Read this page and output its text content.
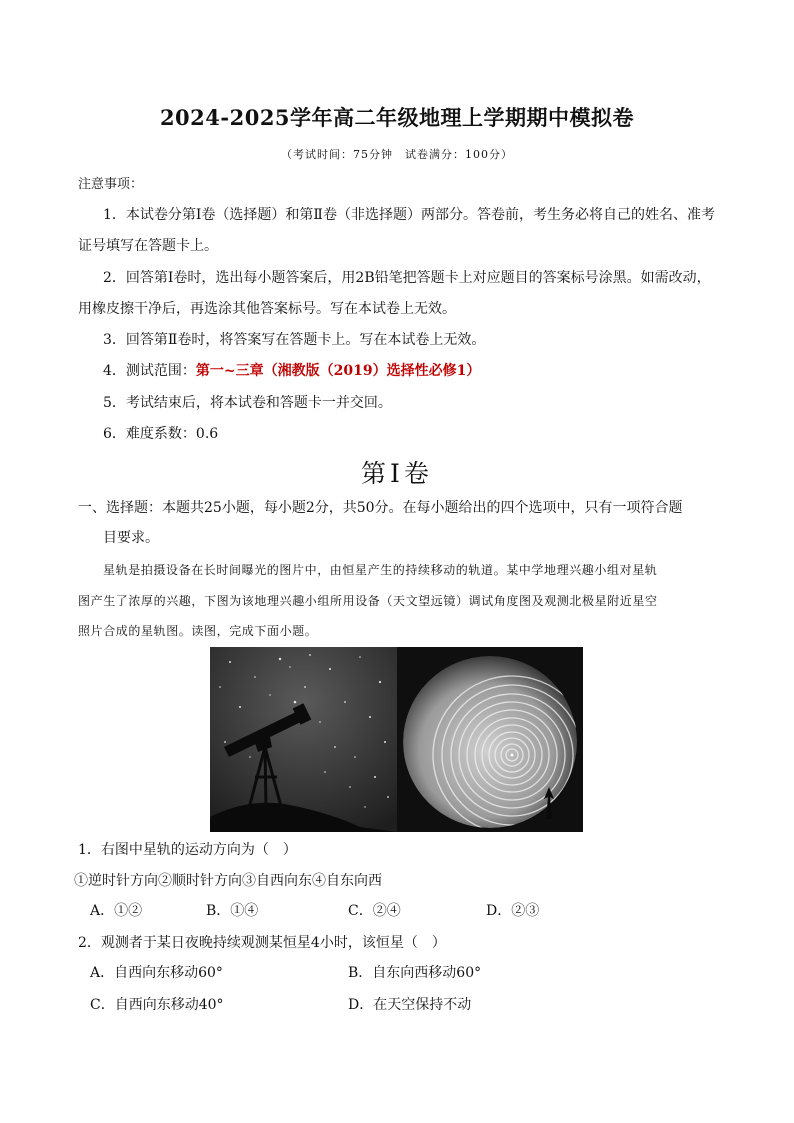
2024-2025学年高二年级地理上学期期中模拟卷
（考试时间：75分钟　试卷满分：100分）
注意事项：
1．本试卷分第Ⅰ卷（选择题）和第Ⅱ卷（非选择题）两部分。答卷前，考生务必将自己的姓名、准考
证号填写在答题卡上。
2．回答第Ⅰ卷时，选出每小题答案后，用2B铅笔把答题卡上对应题目的答案标号涂黑。如需改动，
用橡皮擦干净后，再选涂其他答案标号。写在本试卷上无效。
3．回答第Ⅱ卷时，将答案写在答题卡上。写在本试卷上无效。
4．测试范围：第一~三章（湘教版（2019）选择性必修1）
5．考试结束后，将本试卷和答题卡一并交回。
6．难度系数：0.6
第Ⅰ卷
一、选择题：本题共25小题，每小题2分，共50分。在每小题给出的四个选项中，只有一项符合题
目要求。
星轨是拍摄设备在长时间曝光的图片中，由恒星产生的持续移动的轨道。某中学地理兴趣小组对星轨
图产生了浓厚的兴趣，下图为该地理兴趣小组所用设备（天文望远镜）调试角度图及观测北极星附近星空
照片合成的星轨图。读图，完成下面小题。
1．右图中星轨的运动方向为（　）
①逆时针方向②顺时针方向③自西向东④自东向西
A．①②	B．①④	C．②④	D．②③
2．观测者于某日夜晚持续观测某恒星4小时，该恒星（　）
A．自西向东移动60°	B．自东向西移动60°
C．自西向东移动40°	D．在天空保持不动
